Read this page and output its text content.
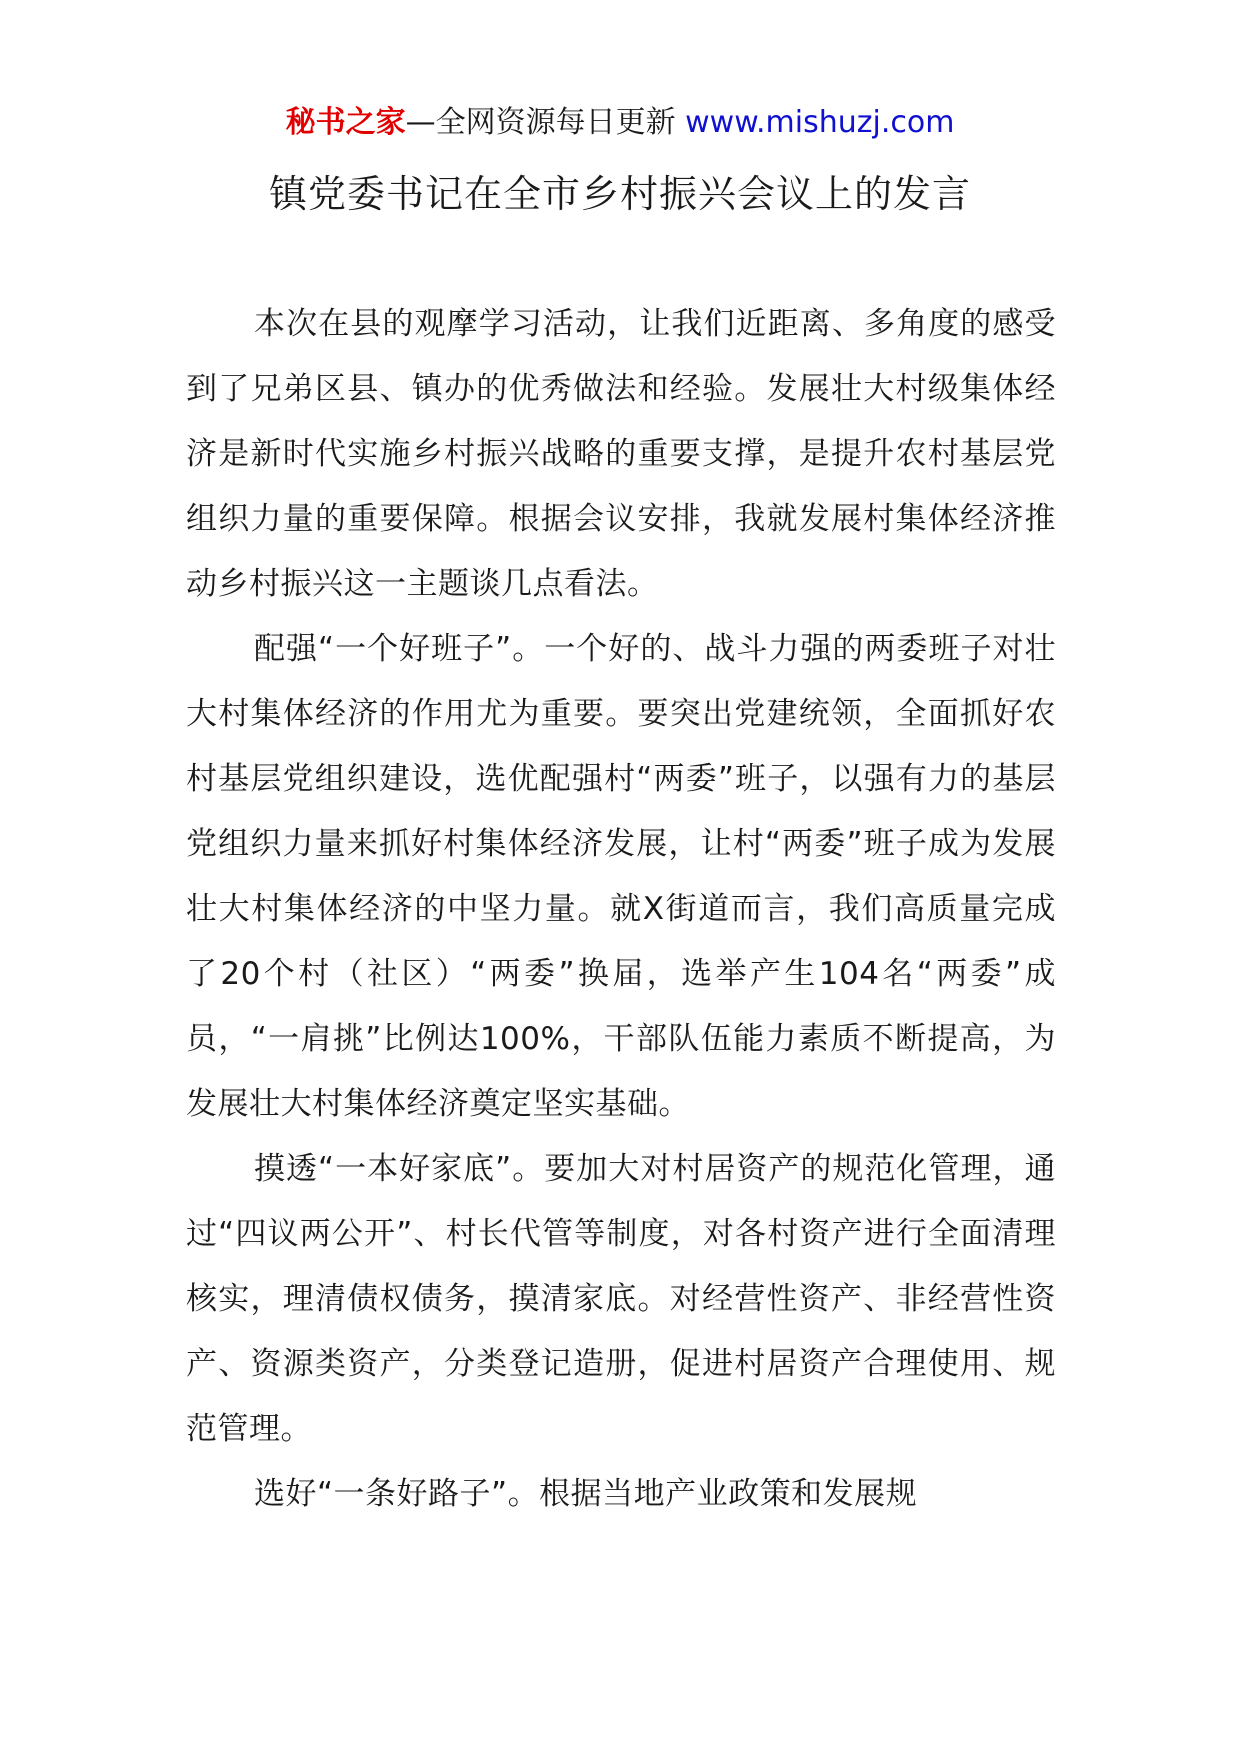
秘书之家—全网资源每日更新 www.mishuzj.com
镇党委书记在全市乡村振兴会议上的发言

本次在县的观摩学习活动，让我们近距离、多角度的感受到了兄弟区县、镇办的优秀做法和经验。发展壮大村级集体经济是新时代实施乡村振兴战略的重要支撑，是提升农村基层党组织力量的重要保障。根据会议安排，我就发展村集体经济推动乡村振兴这一主题谈几点看法。

配强“一个好班子”。一个好的、战斗力强的两委班子对壮大村集体经济的作用尤为重要。要突出党建统领，全面抓好农村基层党组织建设，选优配强村“两委”班子，以强有力的基层党组织力量来抓好村集体经济发展，让村“两委”班子成为发展壮大村集体经济的中坚力量。就X街道而言，我们高质量完成了20个村（社区）“两委”换届，选举产生104名“两委”成员，“一肩挑”比例达100%，干部队伍能力素质不断提高，为发展壮大村集体经济奠定坚实基础。

摸透“一本好家底”。要加大对村居资产的规范化管理，通过“四议两公开”、村长代管等制度，对各村资产进行全面清理核实，理清债权债务，摸清家底。对经营性资产、非经营性资产、资源类资产，分类登记造册，促进村居资产合理使用、规范管理。

选好“一条好路子”。根据当地产业政策和发展规
